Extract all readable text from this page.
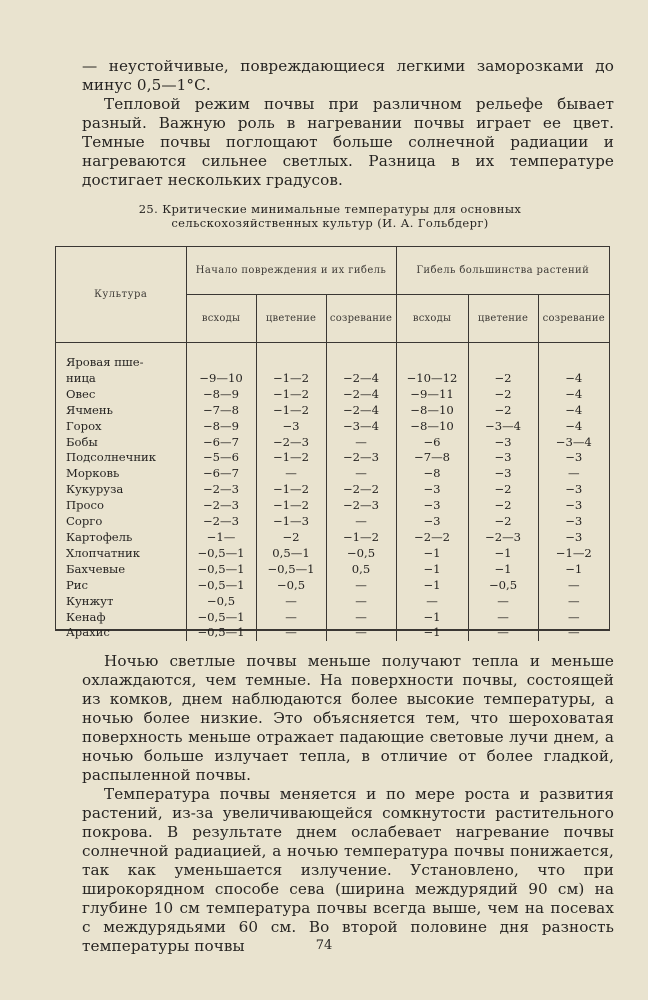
— неустойчивые, повреждающиеся легкими заморозками до минус 0,5—1°С.

Тепловой режим почвы при различном рельефе бывает разный. Важную роль в нагревании почвы играет ее цвет. Темные почвы поглощают больше солнечной радиации и нагреваются сильнее светлых. Разница в их температуре достигает нескольких градусов.

25. Критические минимальные температуры для основных
сельскохозяйственных культур (И. А. Гольбдерг)
Культура	Начало повреждения и их гибель			Гибель большинства растений		
	всходы	цветение	созревание	всходы	цветение	созревание

Яровая пше-						
ница	−9—10	−1—2	−2—4	−10—12	−2	−4
Овес	−8—9	−1—2	−2—4	−9—11	−2	−4
Ячмень	−7—8	−1—2	−2—4	−8—10	−2	−4
Горох	−8—9	−3	−3—4	−8—10	−3—4	−4
Бобы	−6—7	−2—3	—	−6	−3	−3—4
Подсолнечник	−5—6	−1—2	−2—3	−7—8	−3	−3
Морковь	−6—7	—	—	−8	−3	—
Кукуруза	−2—3	−1—2	−2—2	−3	−2	−3
Просо	−2—3	−1—2	−2—3	−3	−2	−3
Сорго	−2—3	−1—3	—	−3	−2	−3
Картофель	−1—	−2	−1—2	−2—2	−2—3	−3
Хлопчатник	−0,5—1	0,5—1	−0,5	−1	−1	−1—2
Бахчевые	−0,5—1	−0,5—1	0,5	−1	−1	−1
Рис	−0,5—1	−0,5	—	−1	−0,5	—
Кунжут	−0,5	—	—	—	—	—
Кенаф	−0,5—1	—	—	−1	—	—
Арахис	−0,5—1	—	—	−1	—	—

Ночью светлые почвы меньше получают тепла и меньше охлаждаются, чем темные. На поверхности почвы, состоящей из комков, днем наблюдаются более высокие температуры, а ночью более низкие. Это объясняется тем, что шероховатая поверхность меньше отражает падающие световые лучи днем, а ночью больше излучает тепла, в отличие от более гладкой, распыленной почвы.

Температура почвы меняется и по мере роста и развития растений, из-за увеличивающейся сомкнутости растительного покрова. В результате днем ослабевает нагревание почвы солнечной радиацией, а ночью температура почвы понижается, так как уменьшается излучение. Установлено, что при широкорядном способе сева (ширина междурядий 90 см) на глубине 10 см температура почвы всегда выше, чем на посевах с междурядьями 60 см. Во второй половине дня разность температуры почвы	74
